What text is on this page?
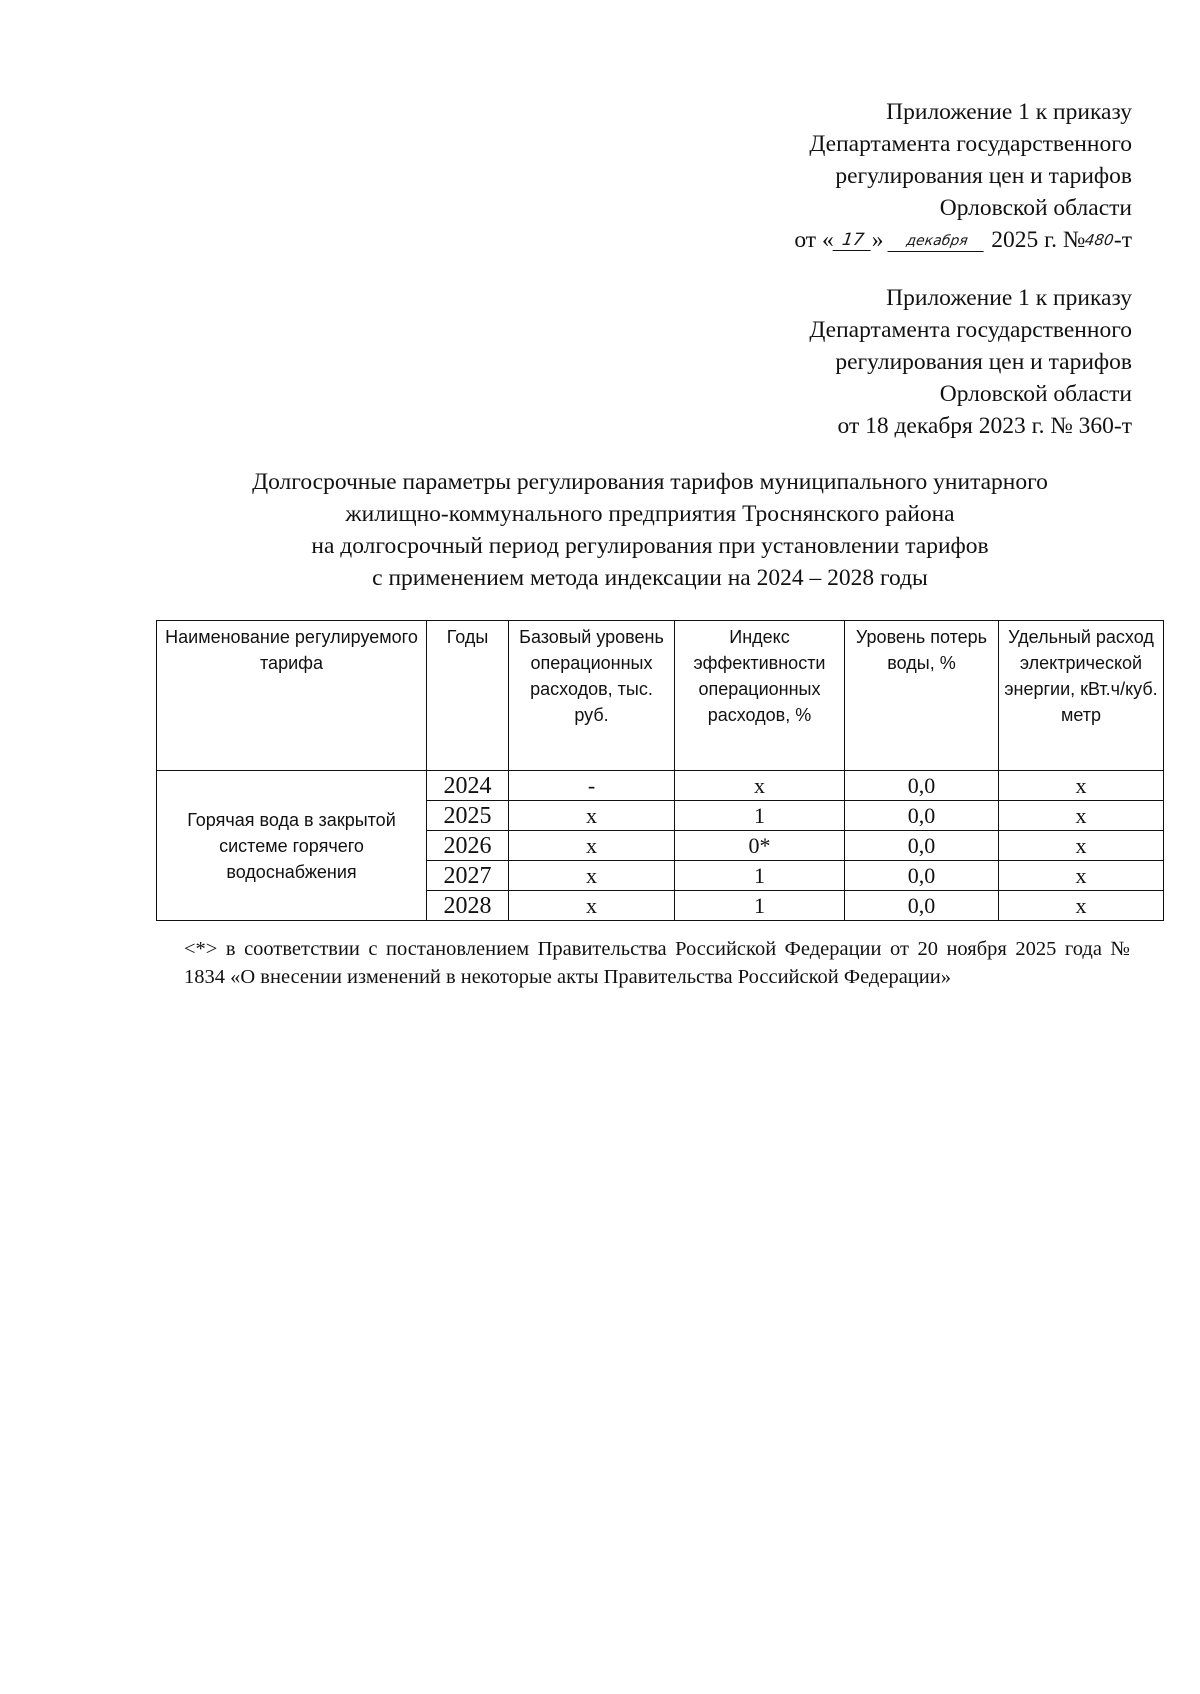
Приложение 1 к приказу
Департамента государственного
регулирования цен и тарифов
Орловской области
от « 17 » декабря 2025 г. №480-т
Приложение 1 к приказу
Департамента государственного
регулирования цен и тарифов
Орловской области
от 18 декабря 2023 г. № 360-т
Долгосрочные параметры регулирования тарифов муниципального унитарного
жилищно-коммунального предприятия Троснянского района
на долгосрочный период регулирования при установлении тарифов
с применением метода индексации на 2024 – 2028 годы
Наименование регулируемого тарифа	Годы	Базовый уровень операционных расходов, тыс. руб.	Индекс эффективности операционных расходов, %	Уровень потерь воды, %	Удельный расход электрической энергии, кВт.ч/куб. метр
Горячая вода в закрытой системе горячего водоснабжения	2024	-	х	0,0	х
	2025	х	1	0,0	х
	2026	х	0*	0,0	х
	2027	х	1	0,0	х
	2028	х	1	0,0	х
<*> в соответствии с постановлением Правительства Российской Федерации от 20 ноября 2025 года № 1834 «О внесении изменений в некоторые акты Правительства Российской Федерации»
